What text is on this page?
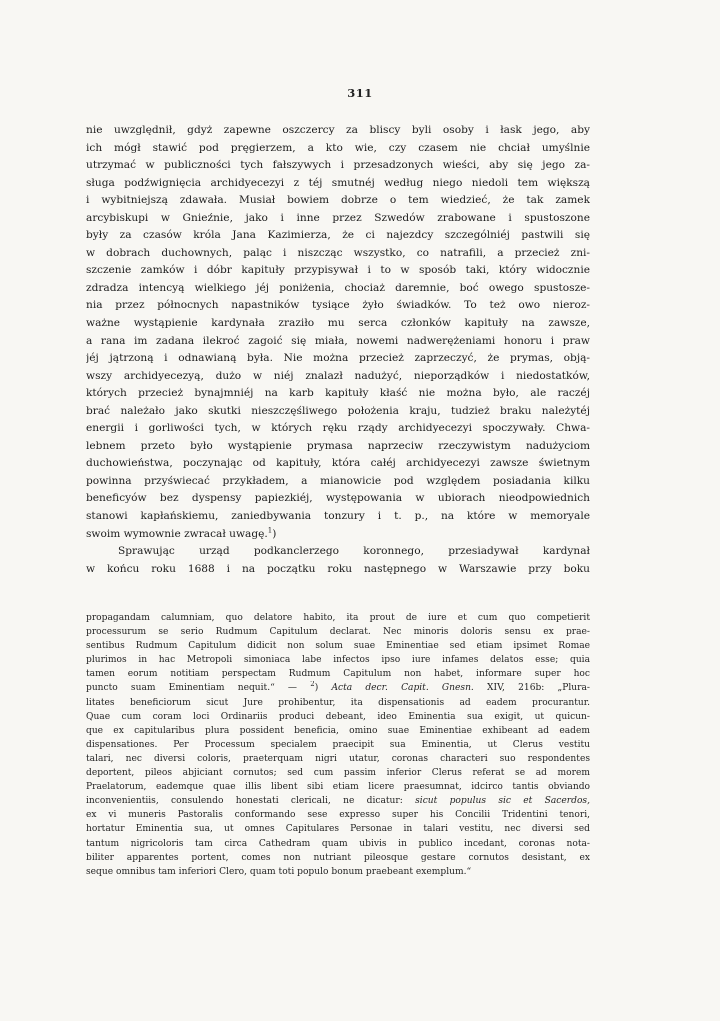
311
nie uwzględnił, gdyż zapewne oszczercy za bliscy byli osoby i łask jego, aby
ich mógł stawić pod pręgierzem, a kto wie, czy czasem nie chciał umyślnie
utrzymać w publiczności tych fałszywych i przesadzonych wieści, aby się jego za-
sługa podźwignięcia archidyecezyi z téj smutnéj według niego niedoli tem większą
i wybitniejszą zdawała. Musiał bowiem dobrze o tem wiedzieć, że tak zamek
arcybiskupi w Gnieźnie, jako i inne przez Szwedów zrabowane i spustoszone
były za czasów króla Jana Kazimierza, że ci najezdcy szczególniéj pastwili się
w dobrach duchownych, paląc i niszcząc wszystko, co natrafili, a przecież zni-
szczenie zamków i dóbr kapituły przypisywał i to w sposób taki, który widocznie
zdradza intencyą wielkiego jéj poniżenia, chociaż daremnie, boć owego spustosze-
nia przez północnych napastników tysiące żyło świadków. To też owo nieroz-
ważne wystąpienie kardynała zraziło mu serca członków kapituły na zawsze,
a rana im zadana ilekroć zagoić się miała, nowemi nadwerężeniami honoru i praw
jéj jątrzoną i odnawianą była. Nie można przecież zaprzeczyć, że prymas, obją-
wszy archidyecezyą, dużo w niéj znalazł nadużyć, nieporządków i niedostatków,
których przecież bynajmniéj na karb kapituły kłaść nie można było, ale raczéj
brać należało jako skutki nieszczęśliwego położenia kraju, tudzież braku należytéj
energii i gorliwości tych, w których ręku rządy archidyecezyi spoczywały. Chwa-
lebnem przeto było wystąpienie prymasa naprzeciw rzeczywistym nadużyciom
duchowieństwa, poczynając od kapituły, która całéj archidyecezyi zawsze świetnym
powinna przyświecać przykładem, a mianowicie pod względem posiadania kilku
beneficyów bez dyspensy papiezkiéj, występowania w ubiorach nieodpowiednich
stanowi kapłańskiemu, zaniedbywania tonzury i t. p., na które w memoryale
swoim wymownie zwracał uwagę.$^1$)
Sprawując urząd podkanclerzego koronnego, przesiadywał kardynał
w końcu roku 1688 i na początku roku następnego w Warszawie przy boku
propagandam calumniam, quo delatore habito, ita prout de iure et cum quo competierit
processurum se serio Rudmum Capitulum declarat. Nec minoris doloris sensu ex prae-
sentibus Rudmum Capitulum didicit non solum suae Eminentiae sed etiam ipsimet Romae
plurimos in hac Metropoli simoniaca labe infectos ipso iure infames delatos esse; quia
tamen eorum notitiam perspectam Rudmum Capitulum non habet, informare super hoc
puncto suam Eminentiam nequit.“ — $^2$) Acta decr. Capit. Gnesn. XIV, 216b: „Plura-
litates beneficiorum sicut Jure prohibentur, ita dispensationis ad eadem procurantur.
Quae cum coram loci Ordinariis produci debeant, ideo Eminentia sua exigit, ut quicun-
que ex capitularibus plura possident beneficia, omino suae Eminentiae exhibeant ad eadem
dispensationes. Per Processum specialem praecipit sua Eminentia, ut Clerus vestitu
talari, nec diversi coloris, praeterquam nigri utatur, coronas characteri suo respondentes
deportent, pileos abjiciant cornutos; sed cum passim inferior Clerus referat se ad morem
Praelatorum, eademque quae illis libent sibi etiam licere praesumnat, idcirco tantis obviando
inconvenientiis, consulendo honestati clericali, ne dicatur: sicut populus sic et Sacerdos,
ex vi muneris Pastoralis conformando sese expresso super his Concilii Tridentini tenori,
hortatur Eminentia sua, ut omnes Capitulares Personae in talari vestitu, nec diversi sed
tantum nigricoloris tam circa Cathedram quam ubivis in publico incedant, coronas nota-
biliter apparentes portent, comes non nutriant pileosque gestare cornutos desistant, ex
seque omnibus tam inferiori Clero, quam toti populo bonum praebeant exemplum.“
